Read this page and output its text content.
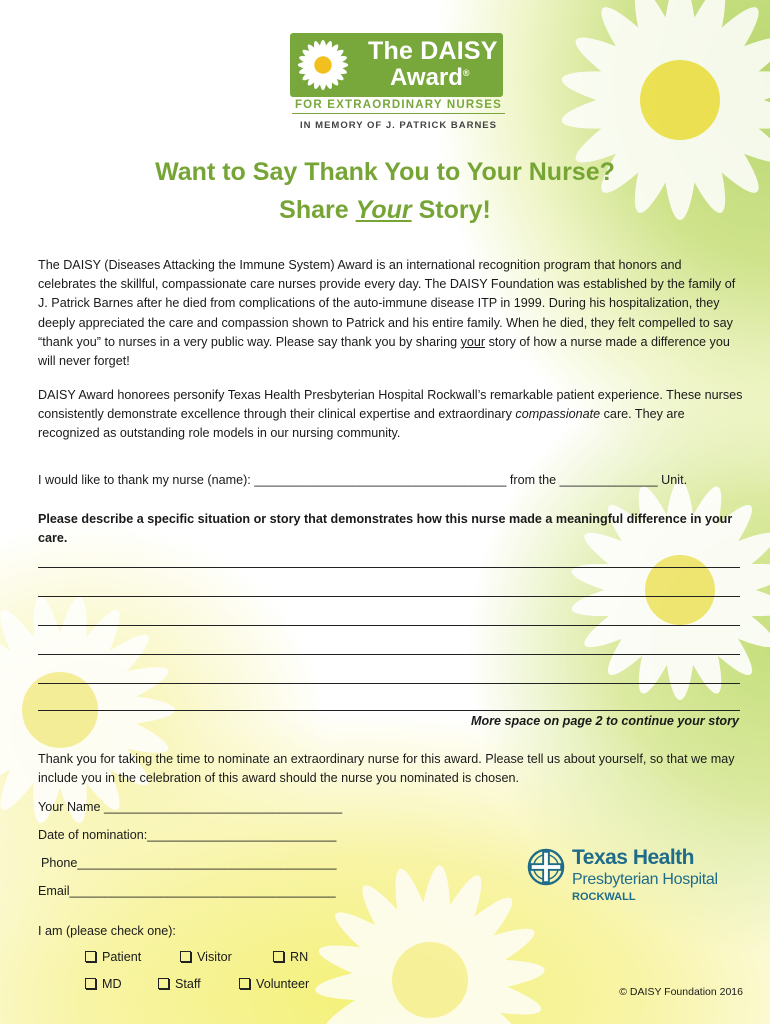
The DAISY
Award®
FOR EXTRAORDINARY NURSES
IN MEMORY OF J. PATRICK BARNES
Want to Say Thank You to Your Nurse?
Share Your Story!
The DAISY (Diseases Attacking the Immune System) Award is an international recognition program that honors and celebrates the skillful, compassionate care nurses provide every day. The DAISY Foundation was established by the family of J. Patrick Barnes after he died from complications of the auto-immune disease ITP in 1999. During his hospitalization, they deeply appreciated the care and compassion shown to Patrick and his entire family. When he died, they felt compelled to say “thank you” to nurses in a very public way. Please say thank you by sharing your story of how a nurse made a difference you will never forget!
DAISY Award honorees personify Texas Health Presbyterian Hospital Rockwall’s remarkable patient experience. These nurses consistently demonstrate excellence through their clinical expertise and extraordinary compassionate care. They are recognized as outstanding role models in our nursing community.
I would like to thank my nurse (name): ____________________________________ from the ______________ Unit.
Please describe a specific situation or story that demonstrates how this nurse made a meaningful difference in your care.
More space on page 2 to continue your story
Thank you for taking the time to nominate an extraordinary nurse for this award. Please tell us about yourself, so that we may include you in the celebration of this award should the nurse you nominated is chosen.
Your Name __________________________________
Date of nomination:___________________________
Phone_____________________________________
Email______________________________________
I am (please check one):
Patient	Visitor	RN
MD	Staff	Volunteer
Texas Health
Presbyterian Hospital
ROCKWALL
© DAISY Foundation 2016
